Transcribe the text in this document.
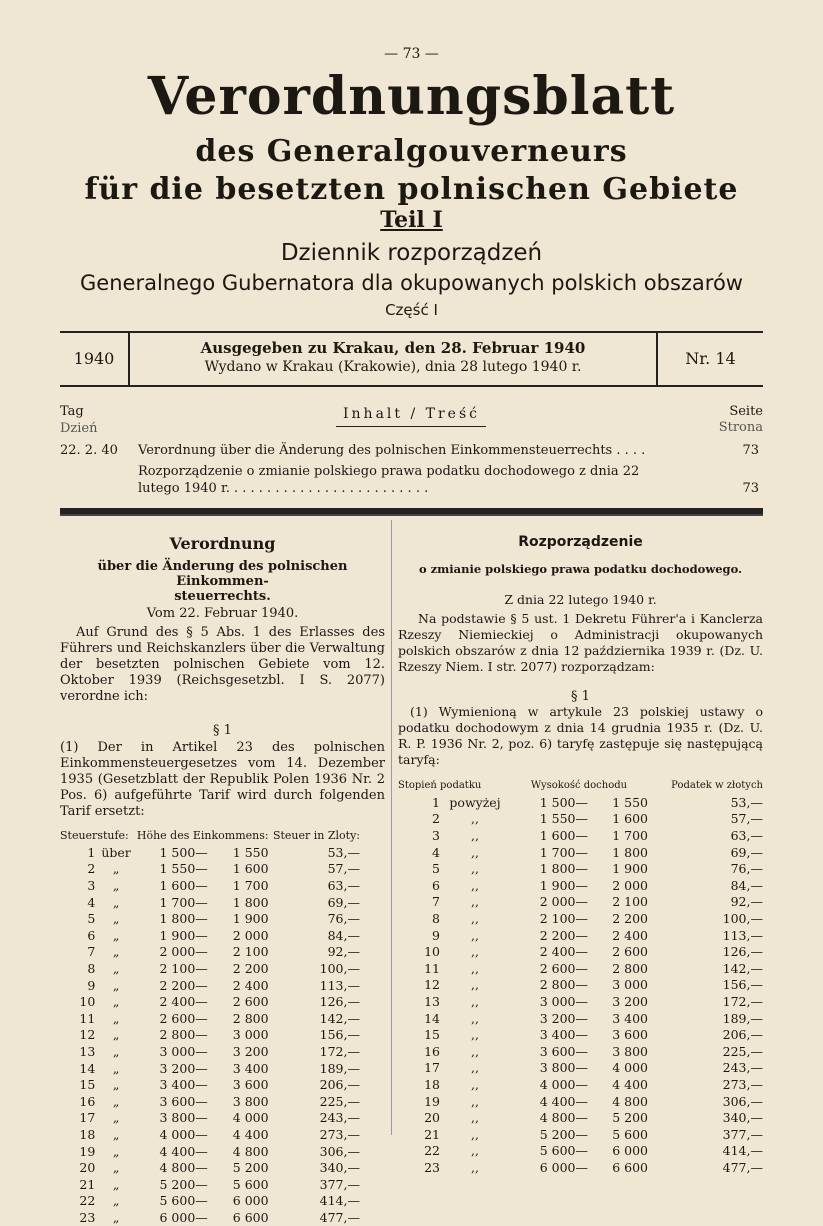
— 73 —
Verordnungsblatt
des Generalgouverneurs
für die besetzten polnischen Gebiete
Teil I
Dziennik rozporządzeń
Generalnego Gubernatora dla okupowanych polskich obszarów
Część I
1940
Ausgegeben zu Krakau, den 28. Februar 1940
Wydano w Krakau (Krakowie), dnia 28 lutego 1940 r.	Nr. 14
Tag
Dzień
Inhalt / Treść	Seite
Strona
22. 2. 40 Verordnung über die Änderung des polnischen Einkommensteuerrechts . . . .	73
Rozporządzenie o zmianie polskiego prawa podatku dochodowego z dnia 22
lutego 1940 r. . . . . . . . . . . . . . . . . . . . . . . . .	73
Verordnung
über die Änderung des polnischen Einkommen-
steuerrechts.
Vom 22. Februar 1940.
Auf Grund des § 5 Abs. 1 des Erlasses des Führers und Reichskanzlers über die Verwaltung der besetzten polnischen Gebiete vom 12. Oktober 1939 (Reichsgesetzbl. I S. 2077) verordne ich:
§ 1
(1) Der in Artikel 23 des polnischen Einkommensteuergesetzes vom 14. Dezember 1935 (Gesetzblatt der Republik Polen 1936 Nr. 2 Pos. 6) aufgeführte Tarif wird durch folgenden Tarif ersetzt:
Steuerstufe:		Höhe des Einkommens:		Steuer in Zloty:
1	über	1 500—	1 550	53,—
2	„	1 550—	1 600	57,—
3	„	1 600—	1 700	63,—
4	„	1 700—	1 800	69,—
5	„	1 800—	1 900	76,—
6	„	1 900—	2 000	84,—
7	„	2 000—	2 100	92,—
8	„	2 100—	2 200	100,—
9	„	2 200—	2 400	113,—
10	„	2 400—	2 600	126,—
11	„	2 600—	2 800	142,—
12	„	2 800—	3 000	156,—
13	„	3 000—	3 200	172,—
14	„	3 200—	3 400	189,—
15	„	3 400—	3 600	206,—
16	„	3 600—	3 800	225,—
17	„	3 800—	4 000	243,—
18	„	4 000—	4 400	273,—
19	„	4 400—	4 800	306,—
20	„	4 800—	5 200	340,—
21	„	5 200—	5 600	377,—
22	„	5 600—	6 000	414,—
23	„	6 000—	6 600	477,—
Rozporządzenie
o zmianie polskiego prawa podatku dochodowego.
Z dnia 22 lutego 1940 r.
Na podstawie § 5 ust. 1 Dekretu Führer'a i Kanclerza Rzeszy Niemieckiej o Administracji okupowanych polskich obszarów z dnia 12 października 1939 r. (Dz. U. Rzeszy Niem. I str. 2077) rozporządzam:
§ 1
(1) Wymienioną w artykule 23 polskiej ustawy o podatku dochodowym z dnia 14 grudnia 1935 r. (Dz. U. R. P. 1936 Nr. 2, poz. 6) taryfę zastępuje się następującą taryfą:
Stopień podatku		Wysokość dochodu		Podatek w złotych
1	powyżej	1 500—	1 550	53,—
2	,,	1 550—	1 600	57,—
3	,,	1 600—	1 700	63,—
4	,,	1 700—	1 800	69,—
5	,,	1 800—	1 900	76,—
6	,,	1 900—	2 000	84,—
7	,,	2 000—	2 100	92,—
8	,,	2 100—	2 200	100,—
9	,,	2 200—	2 400	113,—
10	,,	2 400—	2 600	126,—
11	,,	2 600—	2 800	142,—
12	,,	2 800—	3 000	156,—
13	,,	3 000—	3 200	172,—
14	,,	3 200—	3 400	189,—
15	,,	3 400—	3 600	206,—
16	,,	3 600—	3 800	225,—
17	,,	3 800—	4 000	243,—
18	,,	4 000—	4 400	273,—
19	,,	4 400—	4 800	306,—
20	,,	4 800—	5 200	340,—
21	,,	5 200—	5 600	377,—
22	,,	5 600—	6 000	414,—
23	,,	6 000—	6 600	477,—
